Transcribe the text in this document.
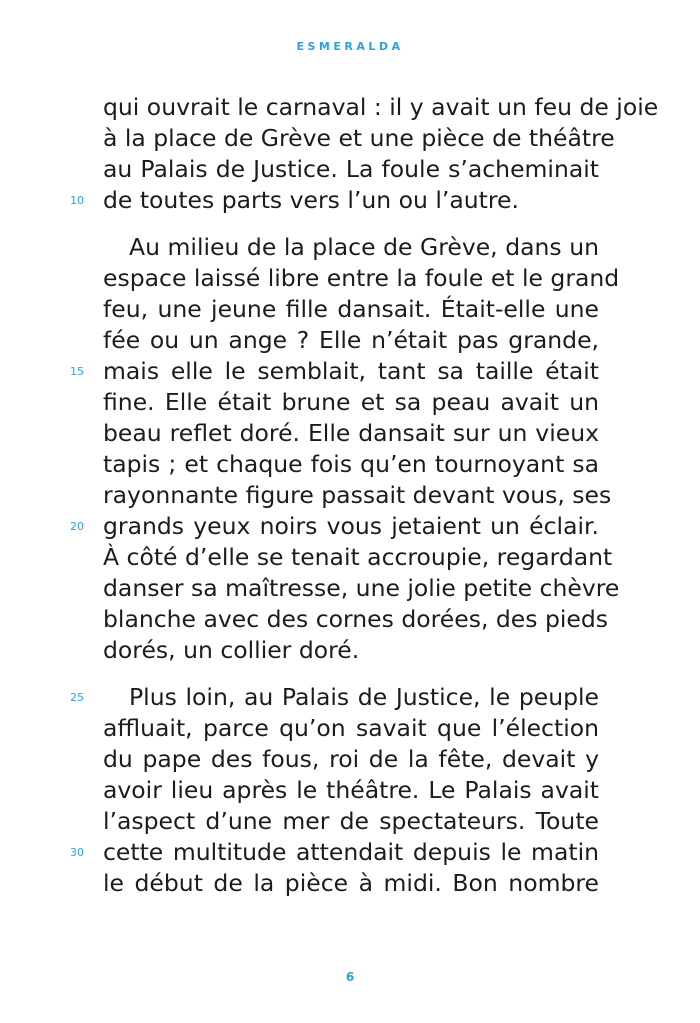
ESMERALDA

qui ouvrait le carnaval : il y avait un feu de joie
à la place de Grève et une pièce de théâtre
au Palais de Justice. La foule s’acheminait
10 de toutes parts vers l’un ou l’autre.

Au milieu de la place de Grève, dans un
espace laissé libre entre la foule et le grand
feu, une jeune fille dansait. Était-elle une
fée ou un ange ? Elle n’était pas grande,
15 mais elle le semblait, tant sa taille était
fine. Elle était brune et sa peau avait un
beau reflet doré. Elle dansait sur un vieux
tapis ; et chaque fois qu’en tournoyant sa
rayonnante figure passait devant vous, ses
20 grands yeux noirs vous jetaient un éclair.
À côté d’elle se tenait accroupie, regardant
danser sa maîtresse, une jolie petite chèvre
blanche avec des cornes dorées, des pieds
dorés, un collier doré.

25	Plus loin, au Palais de Justice, le peuple
affluait, parce qu’on savait que l’élection
du pape des fous, roi de la fête, devait y
avoir lieu après le théâtre. Le Palais avait
l’aspect d’une mer de spectateurs. Toute
30 cette multitude attendait depuis le matin
le début de la pièce à midi. Bon nombre

6
